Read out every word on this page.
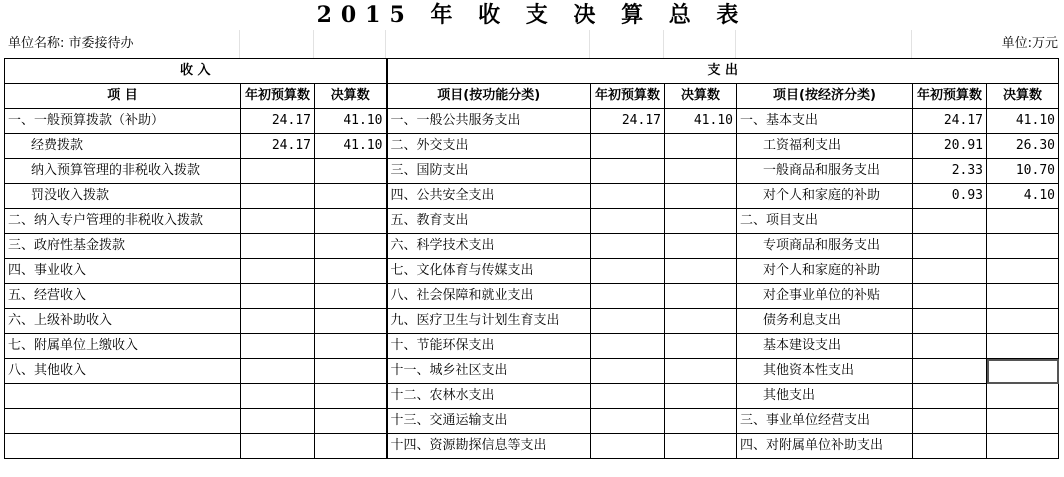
2015 年 收 支 决 算 总 表
单位名称: 市委接待办	单位:万元
收 入			支 出					
项 目	年初预算数	决算数	项目(按功能分类)	年初预算数	决算数	项目(按经济分类)	年初预算数	决算数
一、一般预算拨款（补助）	24.17	41.10	一、一般公共服务支出	24.17	41.10	一、基本支出	24.17	41.10
经费拨款	24.17	41.10	二、外交支出			工资福利支出	20.91	26.30
纳入预算管理的非税收入拨款			三、国防支出			一般商品和服务支出	2.33	10.70
罚没收入拨款			四、公共安全支出			对个人和家庭的补助	0.93	4.10
二、纳入专户管理的非税收入拨款			五、教育支出			二、项目支出		
三、政府性基金拨款			六、科学技术支出			专项商品和服务支出		
四、事业收入			七、文化体育与传媒支出			对个人和家庭的补助		
五、经营收入			八、社会保障和就业支出			对企事业单位的补贴		
六、上级补助收入			九、医疗卫生与计划生育支出			债务利息支出		
七、附属单位上缴收入			十、节能环保支出			基本建设支出		
八、其他收入			十一、城乡社区支出			其他资本性支出		
			十二、农林水支出			其他支出		
			十三、交通运输支出			三、事业单位经营支出		
			十四、资源勘探信息等支出			四、对附属单位补助支出		
